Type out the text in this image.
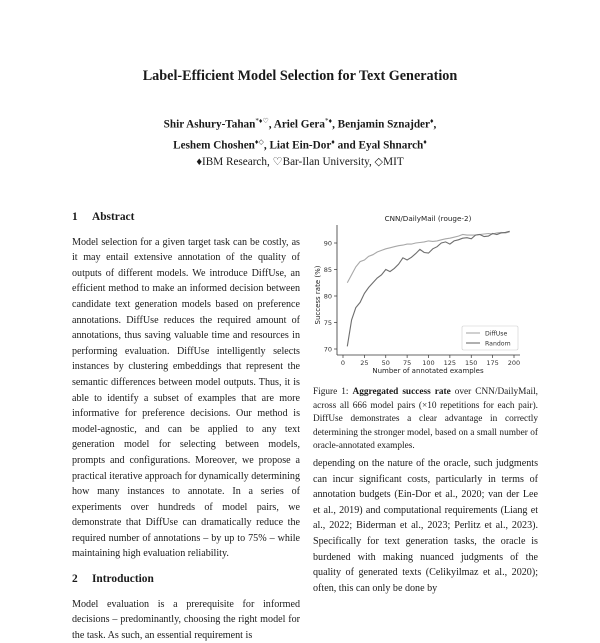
Label-Efficient Model Selection for Text Generation
Shir Ashury-Tahan*♦♡, Ariel Gera*♦, Benjamin Sznajder♦,
Leshem Choshen♦◇, Liat Ein-Dor♦ and Eyal Shnarch♦
♦IBM Research, ♡Bar-Ilan University, ◇MIT
1 Abstract

Model selection for a given target task can be costly, as it may entail extensive annotation of the quality of outputs of different models. We introduce DiffUse, an efficient method to make an informed decision between candidate text generation models based on preference annotations. DiffUse reduces the required amount of annotations, thus saving valuable time and resources in performing evaluation. DiffUse intelligently selects instances by clustering embeddings that represent the semantic differences between model outputs. Thus, it is able to identify a subset of examples that are more informative for preference decisions. Our method is model-agnostic, and can be applied to any text generation model for selecting between models, prompts and configurations. Moreover, we propose a practical iterative approach for dynamically determining how many instances to annotate. In a series of experiments over hundreds of model pairs, we demonstrate that DiffUse can dramatically reduce the required number of annotations – by up to 75% – while maintaining high evaluation reliability.

2 Introduction

Model evaluation is a prerequisite for informed decisions – predominantly, choosing the right model for the task. As such, an essential requirement is

CNN/DailyMail (rouge-2)
70
75
80
85
90
0 25 50 75 100 125 150 175 200
Number of annotated examples
Success rate (%)
DiffUse
Random
Figure 1: Aggregated success rate over CNN/DailyMail, across all 666 model pairs (×10 repetitions for each pair). DiffUse demonstrates a clear advantage in correctly determining the stronger model, based on a small number of oracle-annotated examples.

depending on the nature of the oracle, such judgments can incur significant costs, particularly in terms of annotation budgets (Ein-Dor et al., 2020; van der Lee et al., 2019) and computational requirements (Liang et al., 2022; Biderman et al., 2023; Perlitz et al., 2023). Specifically for text generation tasks, the oracle is burdened with making nuanced judgments of the quality of generated texts (Celikyilmaz et al., 2020); often, this can only be done by
